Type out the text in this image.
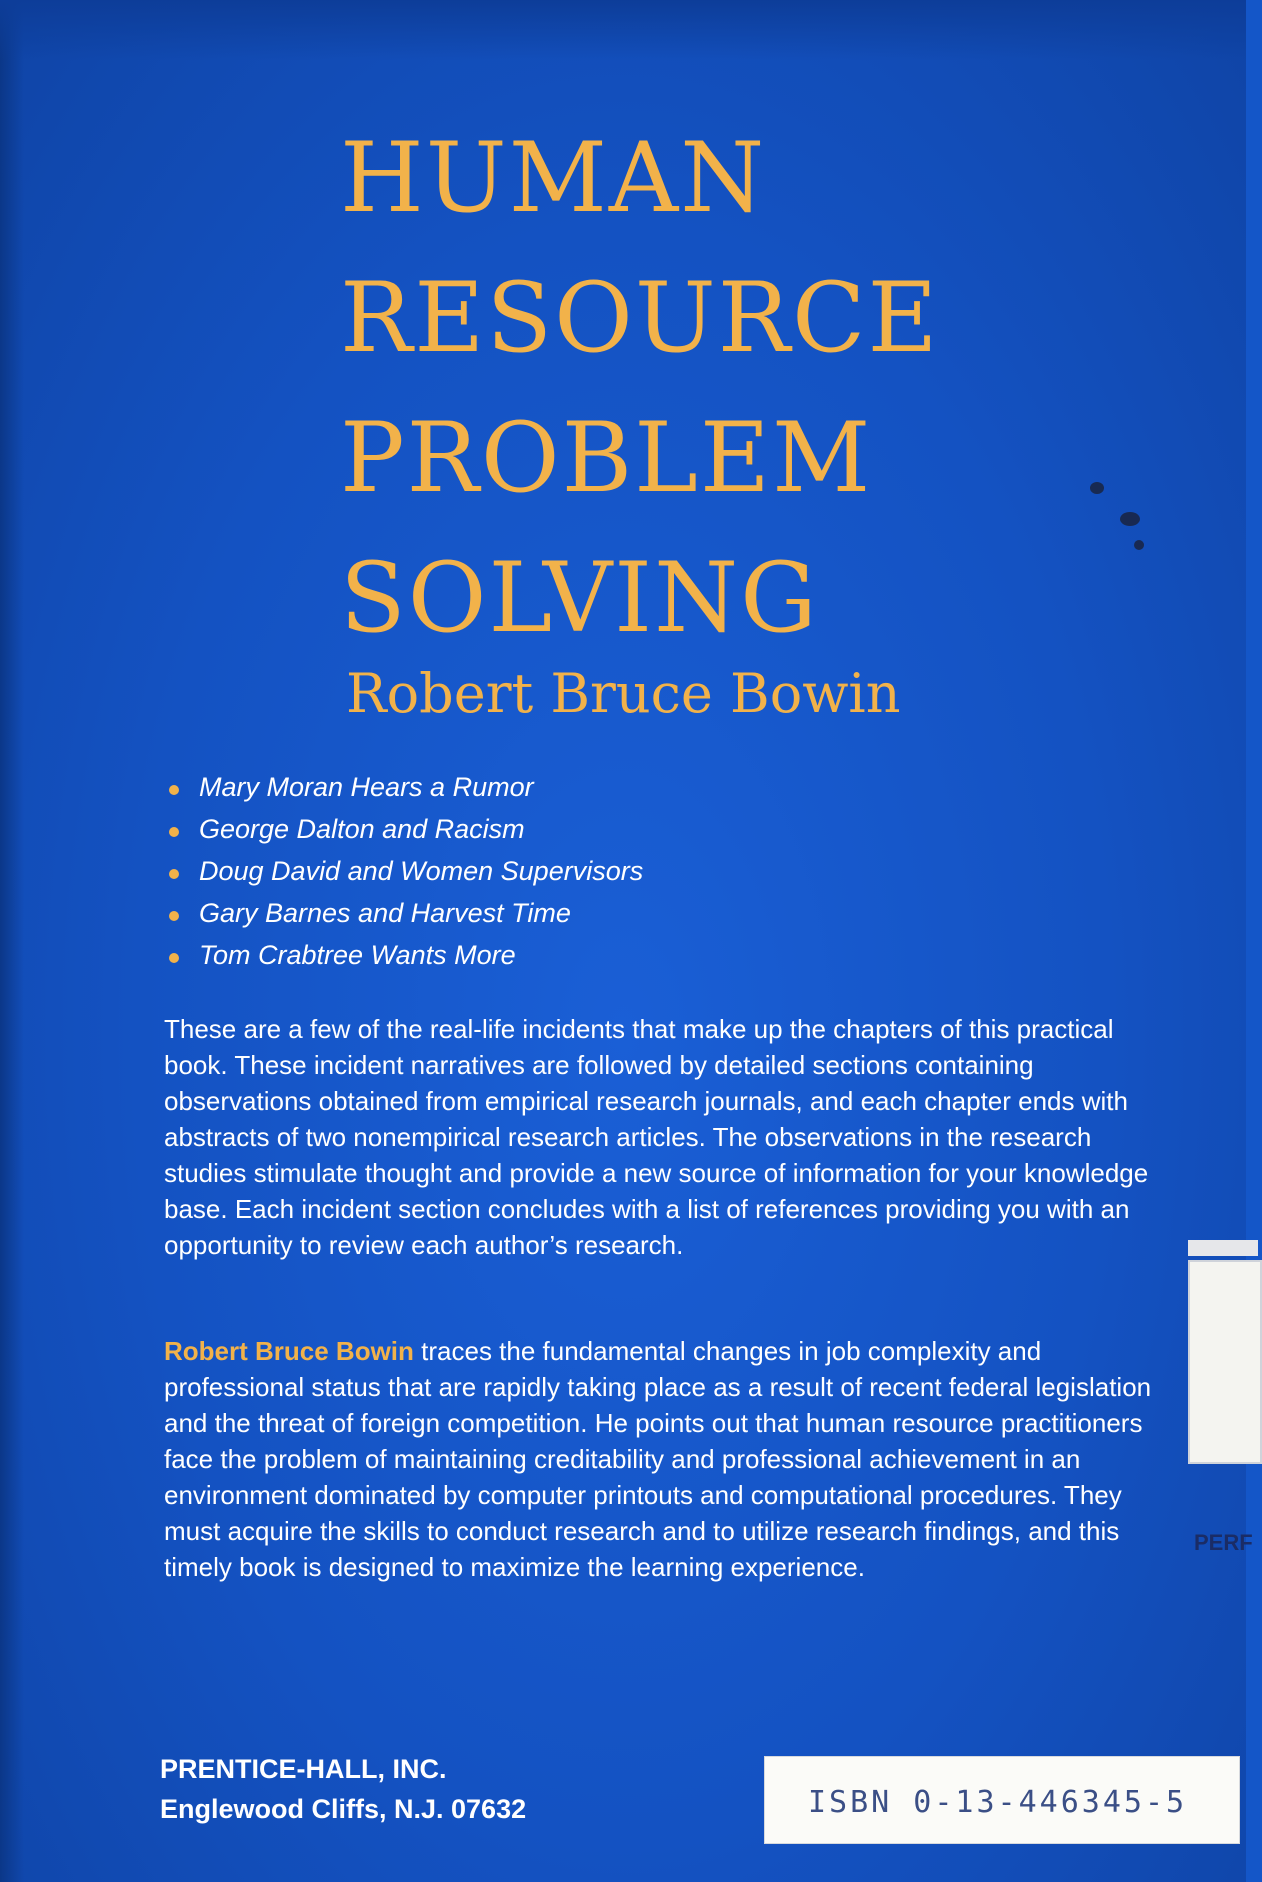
HUMAN
RESOURCE
PROBLEM
SOLVING
Robert Bruce Bowin
Mary Moran Hears a Rumor
George Dalton and Racism
Doug David and Women Supervisors
Gary Barnes and Harvest Time
Tom Crabtree Wants More

These are a few of the real-life incidents that make up the chapters of this practical book. These incident narratives are followed by detailed sections containing observations obtained from empirical research journals, and each chapter ends with abstracts of two nonempirical research articles. The observations in the research studies stimulate thought and provide a new source of information for your knowledge base. Each incident section concludes with a list of references providing you with an opportunity to review each author’s research.

Robert Bruce Bowin traces the fundamental changes in job complexity and professional status that are rapidly taking place as a result of recent federal legislation and the threat of foreign competition. He points out that human resource practitioners face the problem of maintaining creditability and professional achievement in an environment dominated by computer printouts and computational procedures. They must acquire the skills to conduct research and to utilize research findings, and this timely book is designed to maximize the learning experience.

PRENTICE-HALL, INC.
Englewood Cliffs, N.J. 07632
PERF
ISBN 0-13-446345-5
